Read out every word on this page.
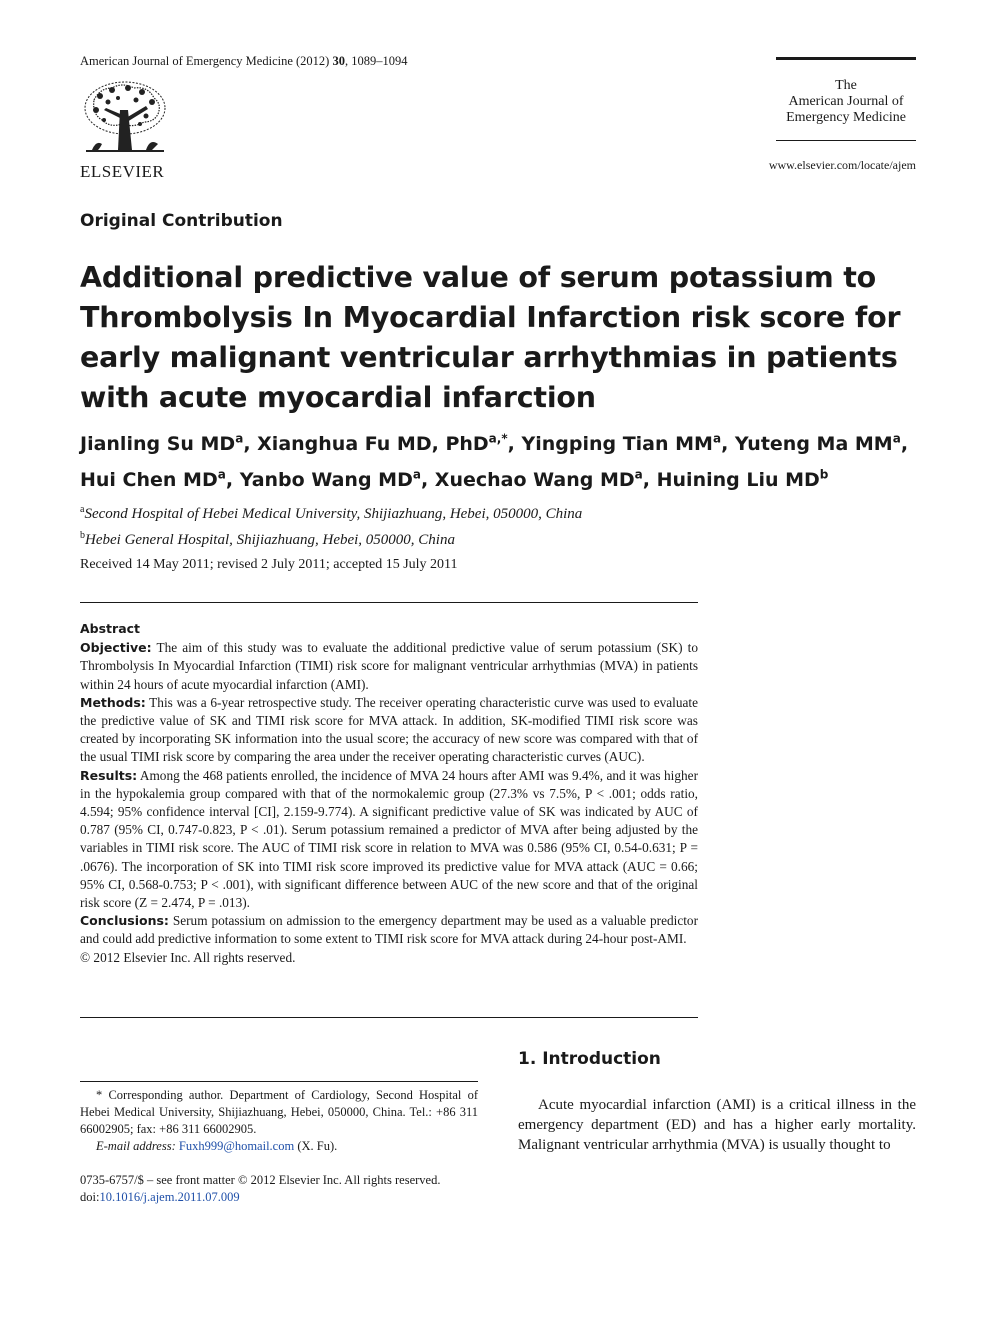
American Journal of Emergency Medicine (2012) 30, 1089–1094
ELSEVIER
The
American Journal of
Emergency Medicine
www.elsevier.com/locate/ajem
Original Contribution
Additional predictive value of serum potassium to Thrombolysis In Myocardial Infarction risk score for early malignant ventricular arrhythmias in patients with acute myocardial infarction
Jianling Su $MD^a$, Xianghua Fu MD, PhD$^{a,*}$, Yingping Tian $MM^a$, Yuteng Ma $MM^a$,
Hui Chen $MD^a$, Yanbo Wang $MD^a$, Xuechao Wang $MD^a$, Huining Liu $MD^b$
$^a$Second Hospital of Hebei Medical University, Shijiazhuang, Hebei, 050000, China
$^b$Hebei General Hospital, Shijiazhuang, Hebei, 050000, China
Received 14 May 2011; revised 2 July 2011; accepted 15 July 2011
Abstract

Objective: The aim of this study was to evaluate the additional predictive value of serum potassium (SK) to Thrombolysis In Myocardial Infarction (TIMI) risk score for malignant ventricular arrhythmias (MVA) in patients within 24 hours of acute myocardial infarction (AMI).

Methods: This was a 6-year retrospective study. The receiver operating characteristic curve was used to evaluate the predictive value of SK and TIMI risk score for MVA attack. In addition, SK-modified TIMI risk score was created by incorporating SK information into the usual score; the accuracy of new score was compared with that of the usual TIMI risk score by comparing the area under the receiver operating characteristic curves (AUC).

Results: Among the 468 patients enrolled, the incidence of MVA 24 hours after AMI was 9.4%, and it was higher in the hypokalemia group compared with that of the normokalemic group (27.3% vs 7.5%, P < .001; odds ratio, 4.594; 95% confidence interval [CI], 2.159-9.774). A significant predictive value of SK was indicated by AUC of 0.787 (95% CI, 0.747-0.823, P < .01). Serum potassium remained a predictor of MVA after being adjusted by the variables in TIMI risk score. The AUC of TIMI risk score in relation to MVA was 0.586 (95% CI, 0.54-0.631; P = .0676). The incorporation of SK into TIMI risk score improved its predictive value for MVA attack (AUC = 0.66; 95% CI, 0.568-0.753; P < .001), with significant difference between AUC of the new score and that of the original risk score (Z = 2.474, P = .013).

Conclusions: Serum potassium on admission to the emergency department may be used as a valuable predictor and could add predictive information to some extent to TIMI risk score for MVA attack during 24-hour post-AMI.

© 2012 Elsevier Inc. All rights reserved.

1. Introduction

Acute myocardial infarction (AMI) is a critical illness in the emergency department (ED) and has a higher early mortality. Malignant ventricular arrhythmia (MVA) is usually thought to

* Corresponding author. Department of Cardiology, Second Hospital of Hebei Medical University, Shijiazhuang, Hebei, 050000, China. Tel.: +86 311 66002905; fax: +86 311 66002905.

E-mail address: Fuxh999@homail.com (X. Fu).

0735-6757/$ – see front matter © 2012 Elsevier Inc. All rights reserved.
doi:10.1016/j.ajem.2011.07.009
